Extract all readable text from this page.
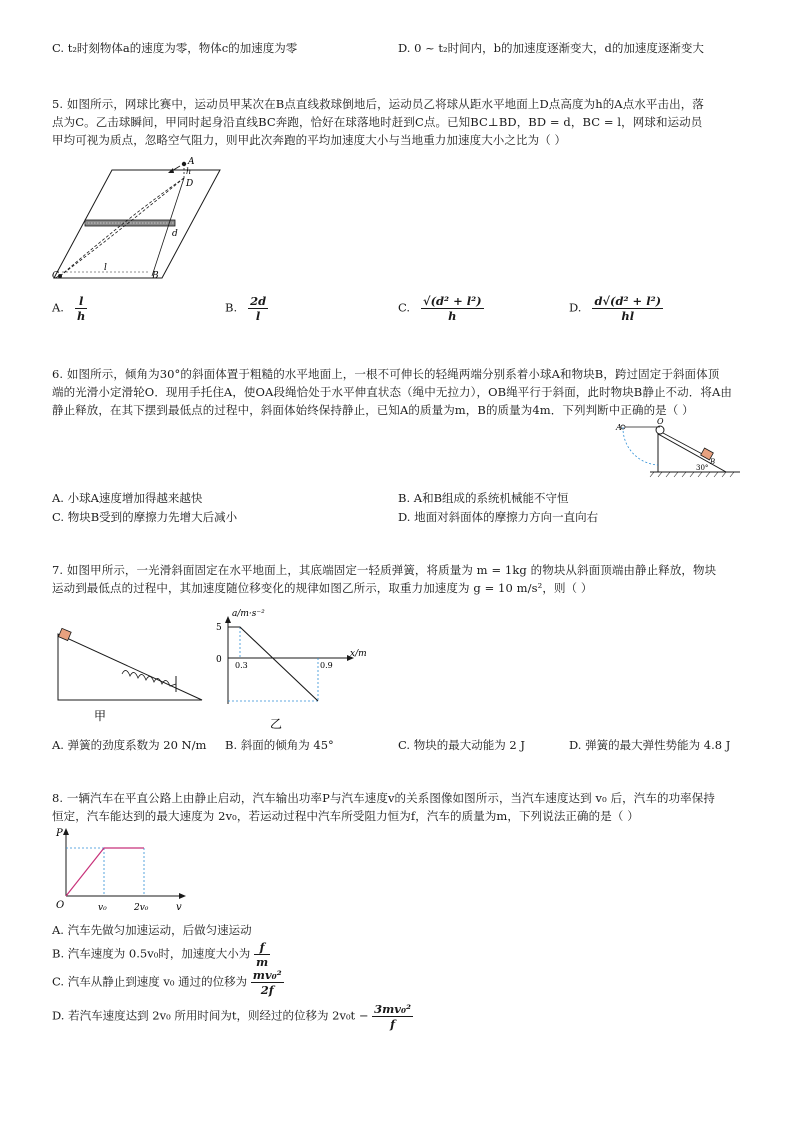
C. t₂时刻物体a的速度为零，物体c的加速度为零	D. 0 ~ t₂时间内，b的加速度逐渐变大，d的加速度逐渐变大
5. 如图所示，网球比赛中，运动员甲某次在B点直线救球倒地后，运动员乙将球从距水平地面上D点高度为h的A点水平击出，落
点为C。乙击球瞬间，甲同时起身沿直线BC奔跑，恰好在球落地时赶到C点。已知BC⊥BD，BD = d，BC = l，网球和运动员
甲均可视为质点，忽略空气阻力，则甲此次奔跑的平均加速度大小与当地重力加速度大小之比为（ ）
A
h
D
d
C
l
B
A. $\frac{l}{h}$	B. $\frac{2d}{l}$	C. $\frac{\text{√(d² + l²)}}{h}$	D. $\frac{\text{d√(d² + l²)}}{hl}$
6. 如图所示，倾角为30°的斜面体置于粗糙的水平地面上，一根不可伸长的轻绳两端分别系着小球A和物块B，跨过固定于斜面体顶
端的光滑小定滑轮O．现用手托住A，使OA段绳恰处于水平伸直状态（绳中无拉力），OB绳平行于斜面，此时物块B静止不动．将A由
静止释放，在其下摆到最低点的过程中，斜面体始终保持静止，已知A的质量为m，B的质量为4m．下列判断中正确的是（ ）
A
O
B
30°
A. 小球A速度增加得越来越快	B. A和B组成的系统机械能不守恒
C. 物块B受到的摩擦力先增大后减小	D. 地面对斜面体的摩擦力方向一直向右
7. 如图甲所示，一光滑斜面固定在水平地面上，其底端固定一轻质弹簧，将质量为 m = 1kg 的物块从斜面顶端由静止释放，物块
运动到最低点的过程中，其加速度随位移变化的规律如图乙所示，取重力加速度为 g = 10 m/s²，则（ ）
甲
a/m·s⁻²
x/m
5
0
0.3	0.9
乙
A. 弹簧的劲度系数为 20 N/m B. 斜面的倾角为 45°	C. 物块的最大动能为 2 J	D. 弹簧的最大弹性势能为 4.8 J
8. 一辆汽车在平直公路上由静止启动，汽车输出功率P与汽车速度v的关系图像如图所示，当汽车速度达到 v₀ 后，汽车的功率保持
恒定，汽车能达到的最大速度为 2v₀，若运动过程中汽车所受阻力恒为f，汽车的质量为m，下列说法正确的是（ ）
P
O	v₀	2v₀	v
A. 汽车先做匀加速运动，后做匀速运动
B. 汽车速度为 0.5v₀时，加速度大小为 $\frac{f}{m}$
C. 汽车从静止到速度 v₀ 通过的位移为 $\frac{\text{mv₀²}}{2f}$
D. 若汽车速度达到 2v₀ 所用时间为t，则经过的位移为 $2v_0t - \frac{\text{3mv₀²}}{f}$
